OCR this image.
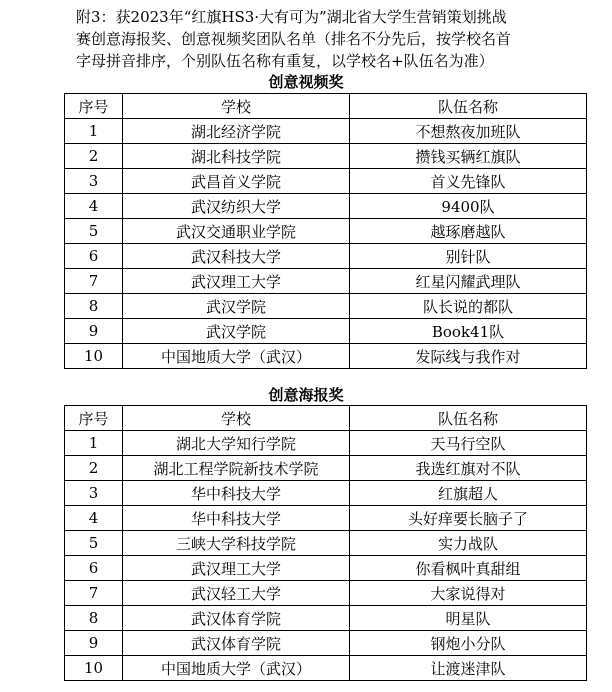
附3：获2023年“红旗HS3·大有可为”湖北省大学生营销策划挑战
赛创意海报奖、创意视频奖团队名单（排名不分先后，按学校名首
字母拼音排序，个别队伍名称有重复，以学校名+队伍名为准）
创意视频奖
序号	学校	队伍名称
1	湖北经济学院	不想熬夜加班队
2	湖北科技学院	攒钱买辆红旗队
3	武昌首义学院	首义先锋队
4	武汉纺织大学	9400队
5	武汉交通职业学院	越琢磨越队
6	武汉科技大学	别针队
7	武汉理工大学	红星闪耀武理队
8	武汉学院	队长说的都队
9	武汉学院	Book41队
10	中国地质大学（武汉）	发际线与我作对
创意海报奖
序号	学校	队伍名称
1	湖北大学知行学院	天马行空队
2	湖北工程学院新技术学院	我选红旗对不队
3	华中科技大学	红旗超人
4	华中科技大学	头好痒要长脑子了
5	三峡大学科技学院	实力战队
6	武汉理工大学	你看枫叶真甜组
7	武汉轻工大学	大家说得对
8	武汉体育学院	明星队
9	武汉体育学院	钢炮小分队
10	中国地质大学（武汉）	让渡迷津队
